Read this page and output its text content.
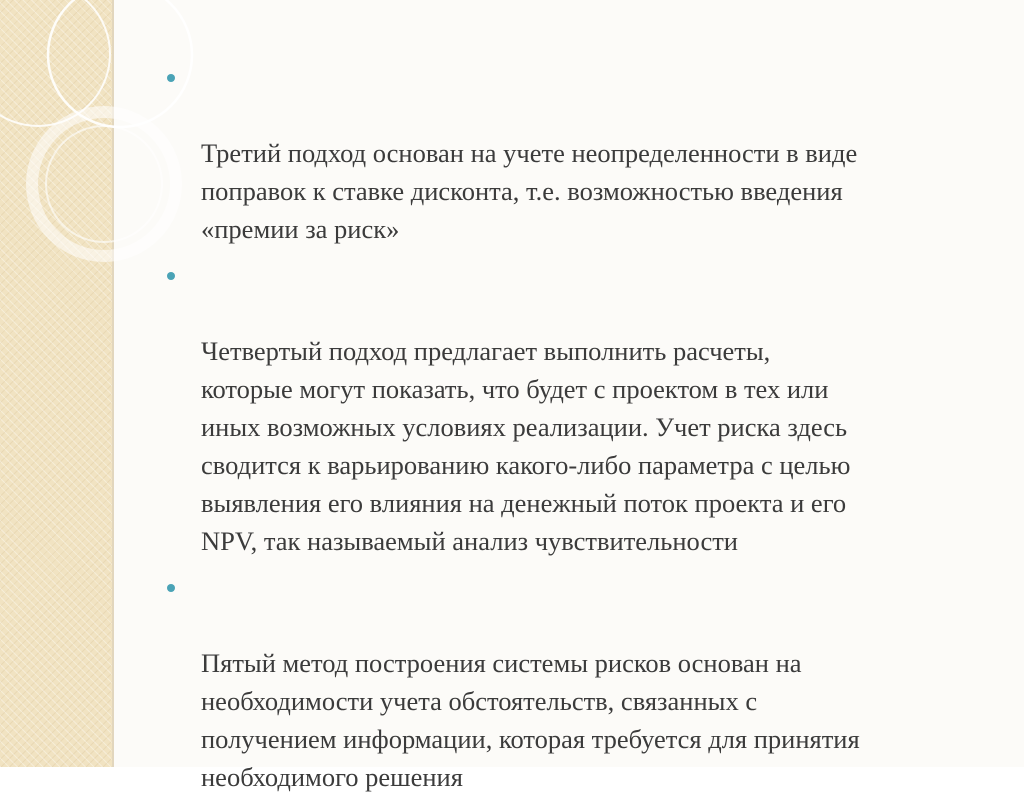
Третий подход основан на учете неопределенности в виде
поправок к ставке дисконта, т.е. возможностью введения
«премии за риск»

Четвертый подход предлагает выполнить расчеты,
которые могут показать, что будет с проектом в тех или
иных возможных условиях реализации. Учет риска здесь
сводится к варьированию какого-либо параметра с целью
выявления его влияния на денежный поток проекта и его
NPV, так называемый анализ чувствительности

Пятый метод построения системы рисков основан на
необходимости учета обстоятельств, связанных с
получением информации, которая требуется для принятия
необходимого решения
